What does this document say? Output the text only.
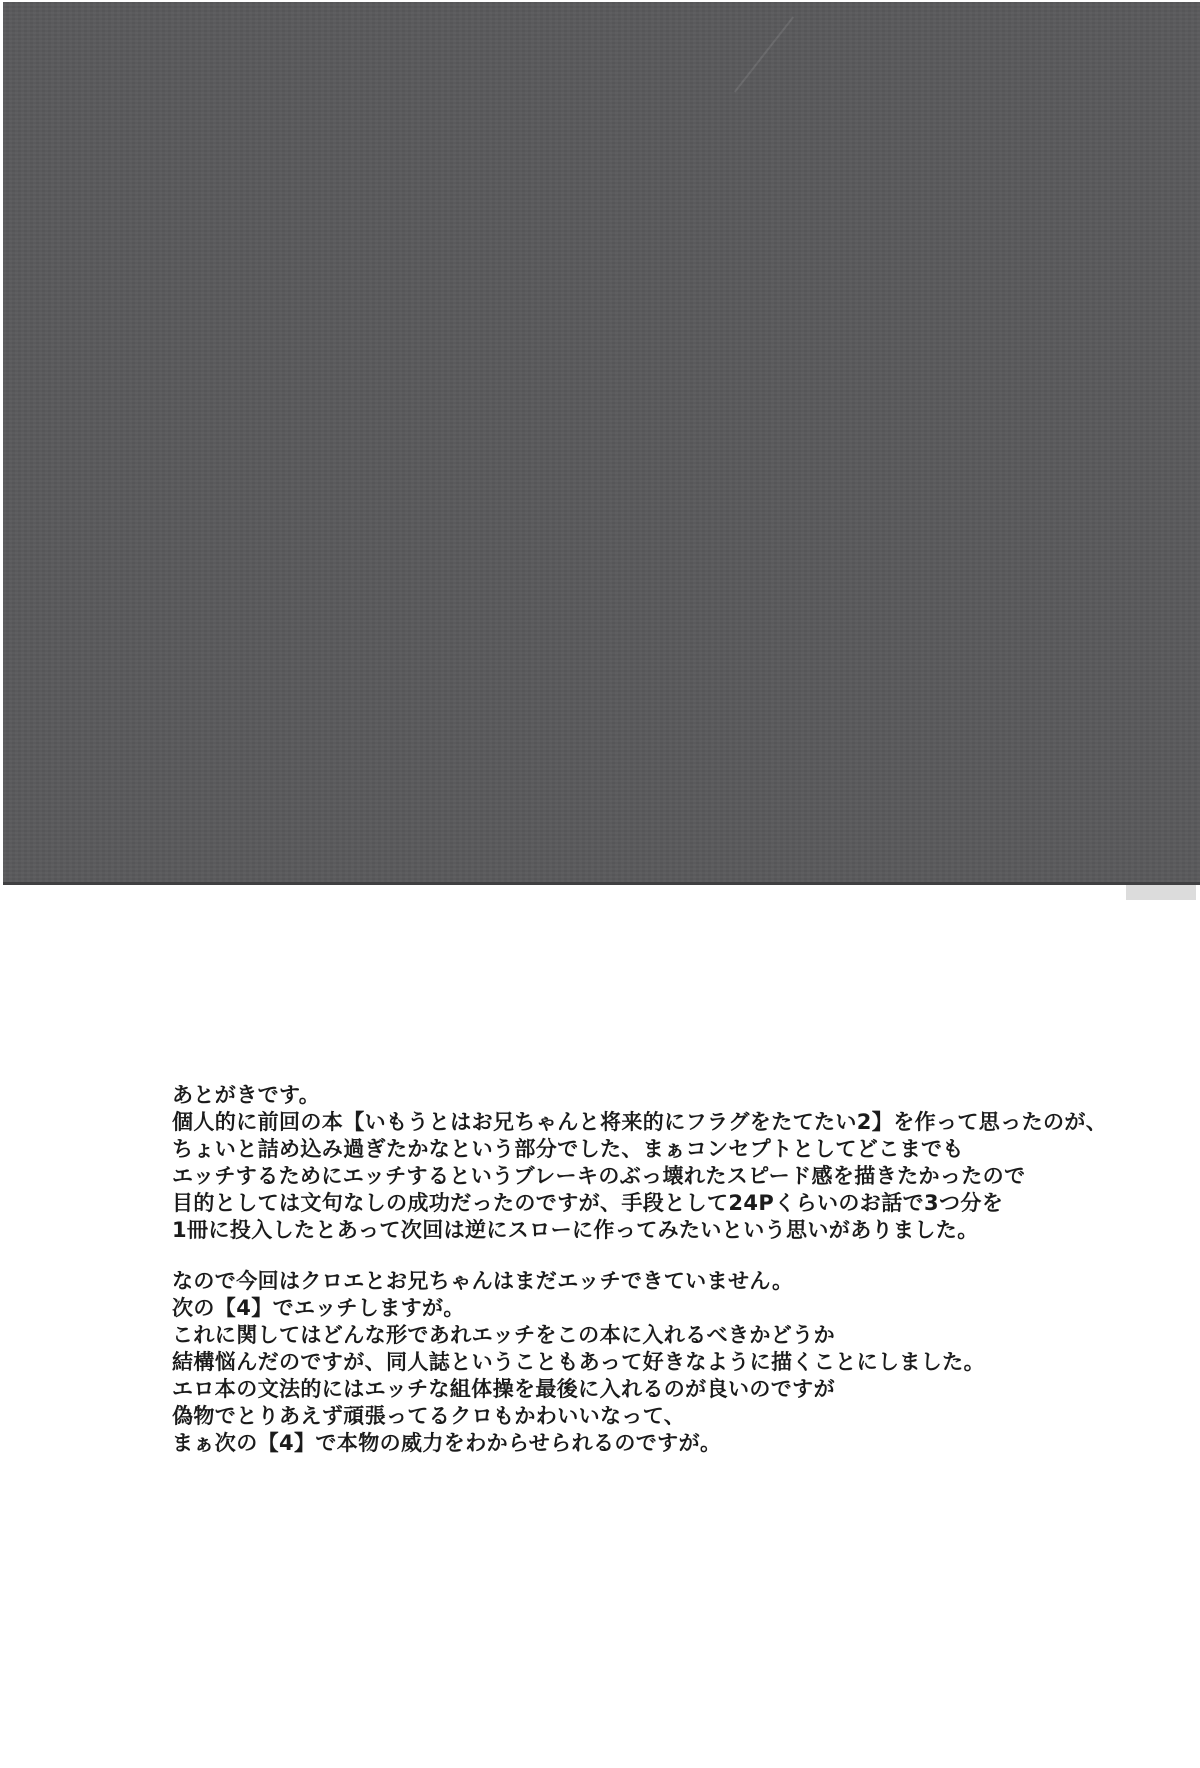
あとがきです。

個人的に前回の本【いもうとはお兄ちゃんと将来的にフラグをたてたい2】を作って思ったのが、

ちょいと詰め込み過ぎたかなという部分でした、まぁコンセプトとしてどこまでも

エッチするためにエッチするというブレーキのぶっ壊れたスピード感を描きたかったので

目的としては文句なしの成功だったのですが、手段として24Pくらいのお話で3つ分を

1冊に投入したとあって次回は逆にスローに作ってみたいという思いがありました。

なので今回はクロエとお兄ちゃんはまだエッチできていません。

次の【4】でエッチしますが。

これに関してはどんな形であれエッチをこの本に入れるべきかどうか

結構悩んだのですが、同人誌ということもあって好きなように描くことにしました。

エロ本の文法的にはエッチな組体操を最後に入れるのが良いのですが

偽物でとりあえず頑張ってるクロもかわいいなって、

まぁ次の【4】で本物の威力をわからせられるのですが。
